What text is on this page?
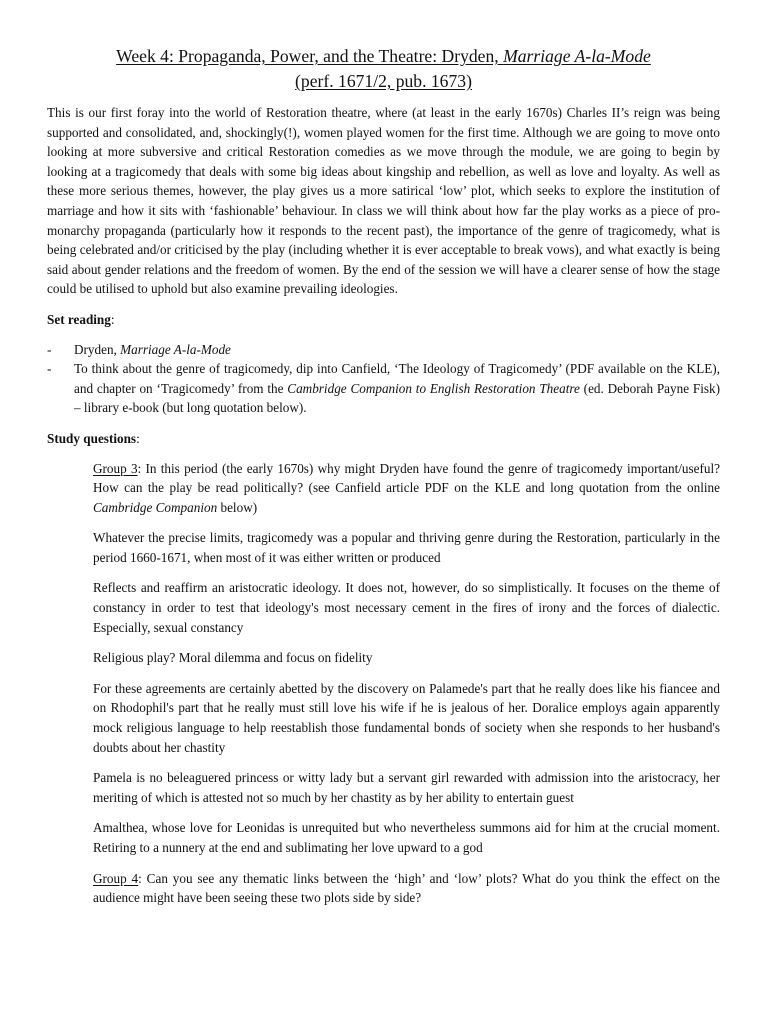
Week 4: Propaganda, Power, and the Theatre: Dryden, Marriage A-la-Mode
(perf. 1671/2, pub. 1673)

This is our first foray into the world of Restoration theatre, where (at least in the early 1670s) Charles II’s reign was being supported and consolidated, and, shockingly(!), women played women for the first time. Although we are going to move onto looking at more subversive and critical Restoration comedies as we move through the module, we are going to begin by looking at a tragicomedy that deals with some big ideas about kingship and rebellion, as well as love and loyalty. As well as these more serious themes, however, the play gives us a more satirical ‘low’ plot, which seeks to explore the institution of marriage and how it sits with ‘fashionable’ behaviour. In class we will think about how far the play works as a piece of pro-monarchy propaganda (particularly how it responds to the recent past), the importance of the genre of tragicomedy, what is being celebrated and/or criticised by the play (including whether it is ever acceptable to break vows), and what exactly is being said about gender relations and the freedom of women. By the end of the session we will have a clearer sense of how the stage could be utilised to uphold but also examine prevailing ideologies.

Set reading:

- Dryden, Marriage A-la-Mode
- To think about the genre of tragicomedy, dip into Canfield, ‘The Ideology of Tragicomedy’ (PDF available on the KLE), and chapter on ‘Tragicomedy’ from the Cambridge Companion to English Restoration Theatre (ed. Deborah Payne Fisk) – library e-book (but long quotation below).

Study questions:

Group 3: In this period (the early 1670s) why might Dryden have found the genre of tragicomedy important/useful? How can the play be read politically? (see Canfield article PDF on the KLE and long quotation from the online Cambridge Companion below)

Whatever the precise limits, tragicomedy was a popular and thriving genre during the Restoration, particularly in the period 1660-1671, when most of it was either written or produced

Reflects and reaffirm an aristocratic ideology. It does not, however, do so simplistically. It focuses on the theme of constancy in order to test that ideology's most necessary cement in the fires of irony and the forces of dialectic. Especially, sexual constancy

Religious play? Moral dilemma and focus on fidelity

For these agreements are certainly abetted by the discovery on Palamede's part that he really does like his fiancee and on Rhodophil's part that he really must still love his wife if he is jealous of her. Doralice employs again apparently mock religious language to help reestablish those fundamental bonds of society when she responds to her husband's doubts about her chastity

Pamela is no beleaguered princess or witty lady but a servant girl rewarded with admission into the aristocracy, her meriting of which is attested not so much by her chastity as by her ability to entertain guest

Amalthea, whose love for Leonidas is unrequited but who nevertheless summons aid for him at the crucial moment. Retiring to a nunnery at the end and sublimating her love upward to a god

Group 4: Can you see any thematic links between the ‘high’ and ‘low’ plots? What do you think the effect on the audience might have been seeing these two plots side by side?
